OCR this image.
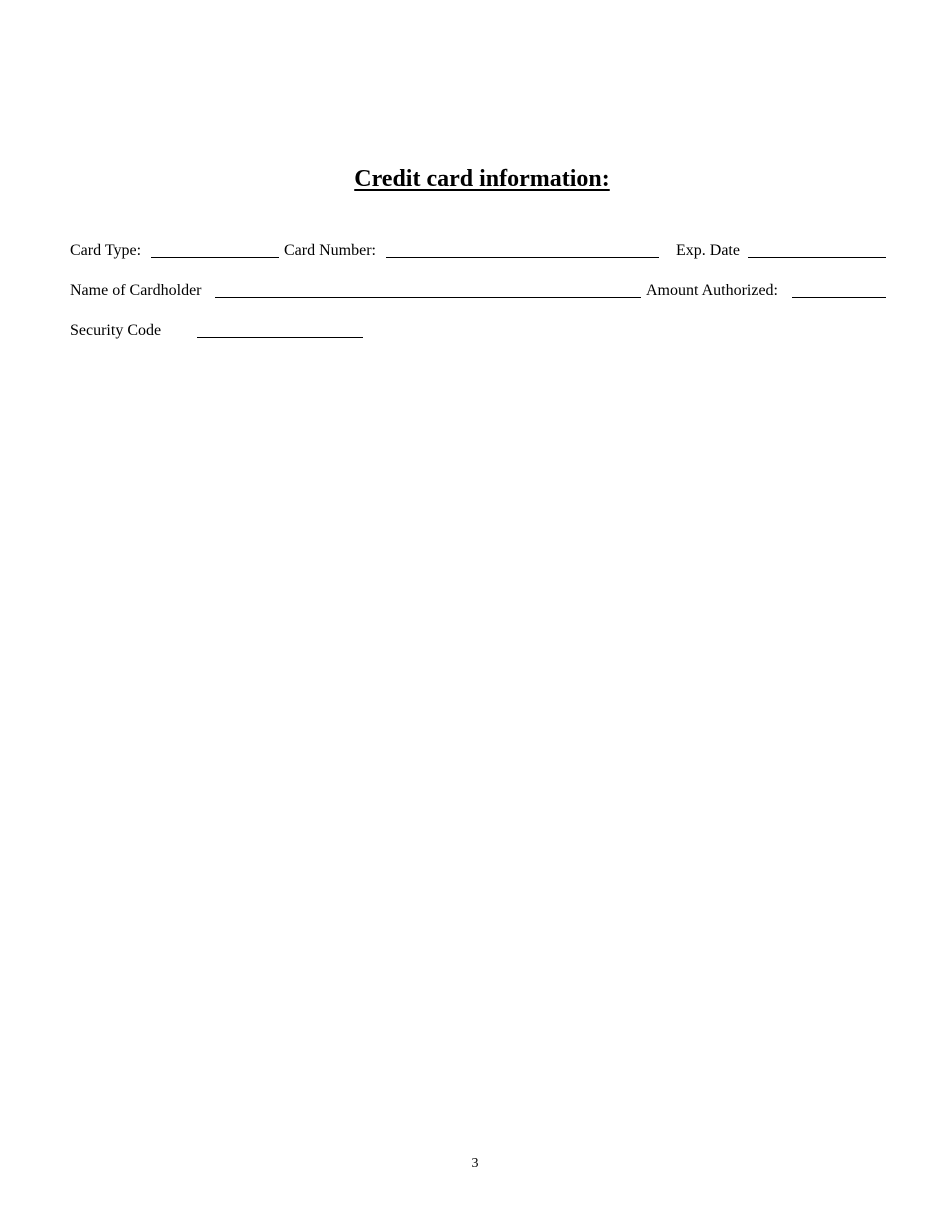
Credit card information:
Card Type:	Card Number:	Exp. Date
Name of Cardholder	Amount Authorized:
Security Code
3
